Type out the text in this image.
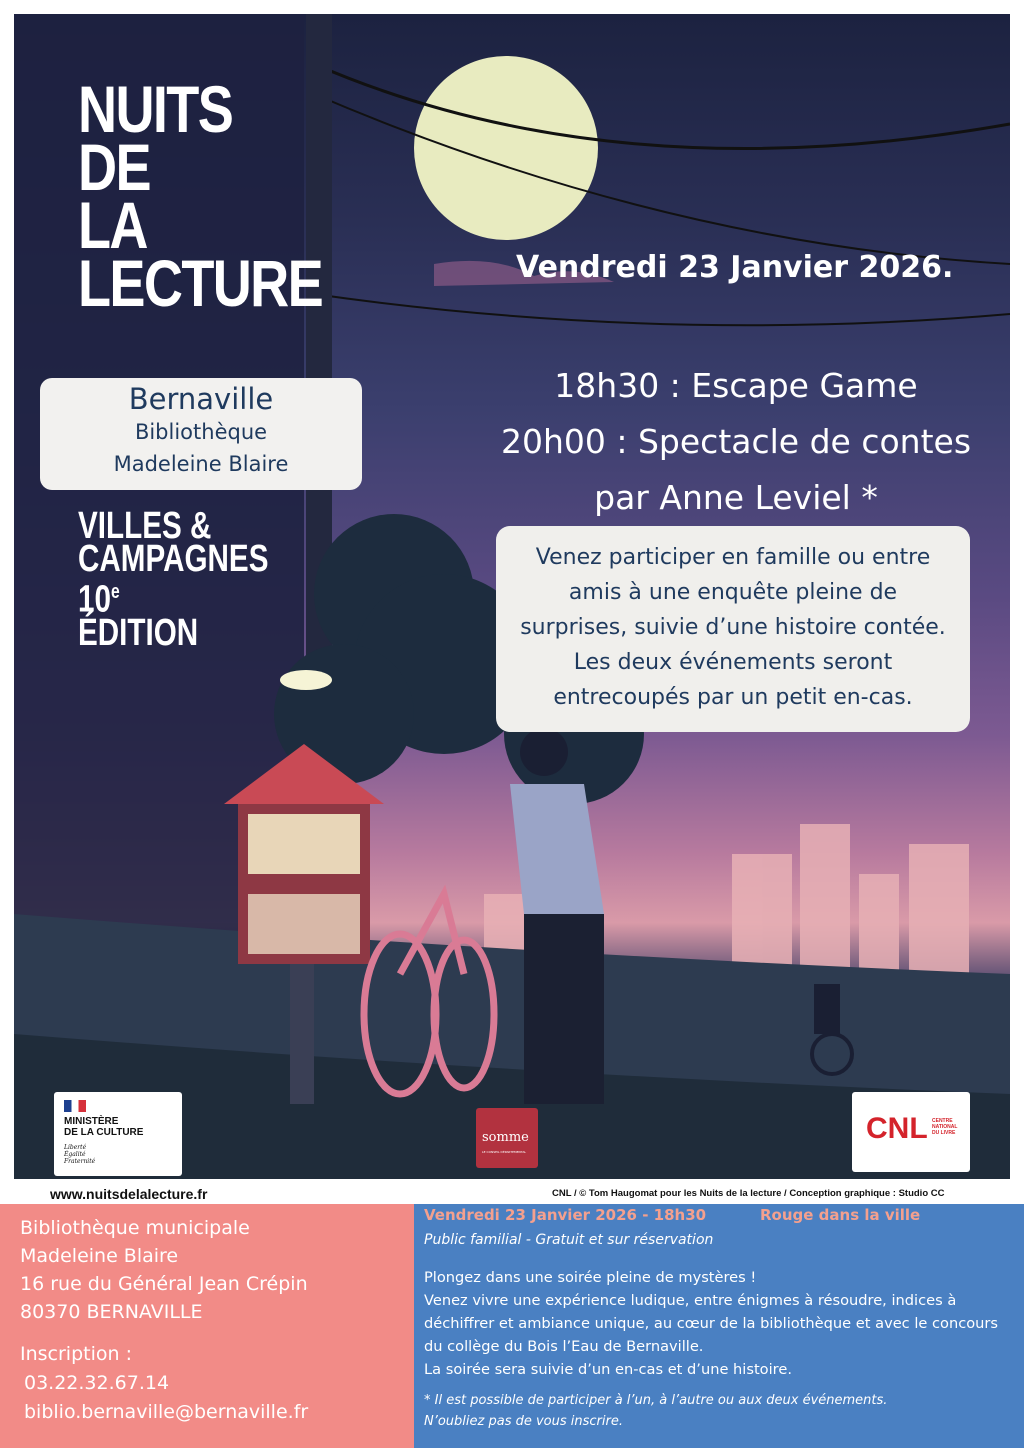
NUITS
DE
LA
LECTURE
Bernaville
Bibliothèque
Madeleine Blaire
VILLES &
CAMPAGNES
10e
ÉDITION
Vendredi 23 Janvier 2026.
18h30 : Escape Game
20h00 : Spectacle de contes
par Anne Leviel *
Venez participer en famille ou entre
amis à une enquête pleine de
surprises, suivie d’une histoire contée.
Les deux événements seront
entrecoupés par un petit en-cas.
MINISTÈRE
DE LA CULTURE
Liberté
Égalité
Fraternité
somme
LE CONSEIL DÉPARTEMENTAL
CNL CENTRE
NATIONAL
DU LIVRE
www.nuitsdelalecture.fr	CNL / © Tom Haugomat pour les Nuits de la lecture / Conception graphique : Studio CC
Bibliothèque municipale
Madeleine Blaire
16 rue du Général Jean Crépin
80370 BERNAVILLE
Inscription :
03.22.32.67.14
biblio.bernaville@bernaville.fr
Vendredi 23 Janvier 2026 - 18h30	Rouge dans la ville
Public familial - Gratuit et sur réservation
Plongez dans une soirée pleine de mystères !
Venez vivre une expérience ludique, entre énigmes à résoudre, indices à déchiffrer et ambiance unique, au cœur de la bibliothèque et avec le concours du collège du Bois l’Eau de Bernaville.
La soirée sera suivie d’un en-cas et d’une histoire.
* Il est possible de participer à l’un, à l’autre ou aux deux événements.
N’oubliez pas de vous inscrire.
